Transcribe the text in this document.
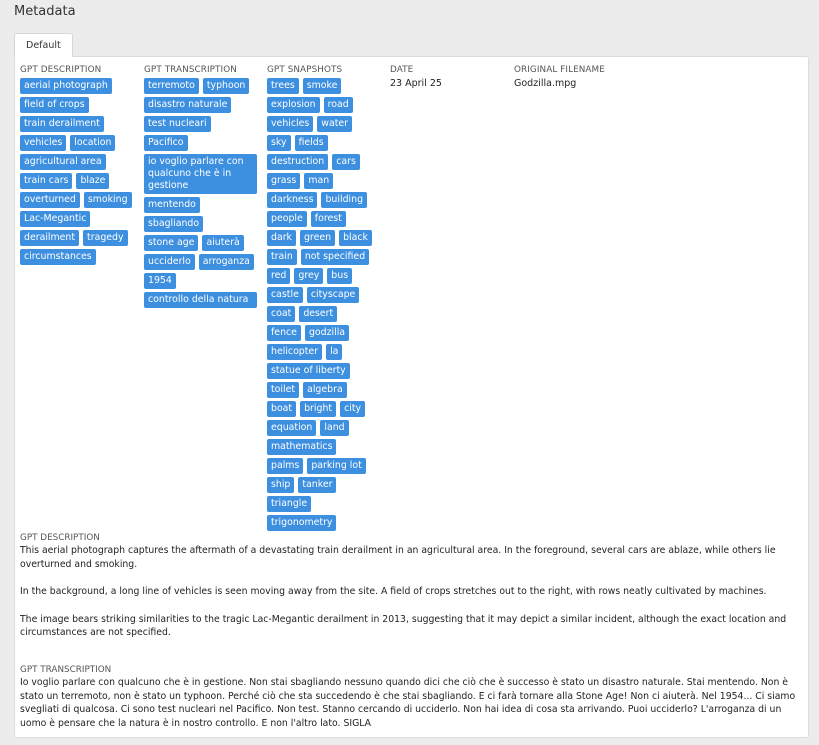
Metadata
Default
GPT DESCRIPTION
aerial photograph
field of crops
train derailment
vehicles	location
agricultural area
train cars	blaze
overturned	smoking
Lac-Megantic
derailment	tragedy
circumstances
GPT TRANSCRIPTION
terremoto	typhoon
disastro naturale
test nucleari
Pacifico
io voglio parlare con qualcuno che è in gestione
mentendo
sbagliando
stone age	aiuterà
ucciderlo	arroganza
1954
controllo della natura
GPT SNAPSHOTS
trees	smoke
explosion	road
vehicles	water
sky	fields
destruction	cars
grass	man
darkness	building
people	forest
dark	green	black
train	not specified
red	grey	bus
castle	cityscape
coat	desert
fence	godzilla
helicopter	la
statue of liberty
toilet	algebra
boat	bright	city
equation	land
mathematics
palms	parking lot
ship	tanker
triangle
trigonometry
DATE
23 April 25
ORIGINAL FILENAME
Godzilla.mpg
GPT DESCRIPTION
This aerial photograph captures the aftermath of a devastating train derailment in an agricultural area. In the foreground, several cars are ablaze, while others lie overturned and smoking.
In the background, a long line of vehicles is seen moving away from the site. A field of crops stretches out to the right, with rows neatly cultivated by machines.
The image bears striking similarities to the tragic Lac-Megantic derailment in 2013, suggesting that it may depict a similar incident, although the exact location and circumstances are not specified.
GPT TRANSCRIPTION
Io voglio parlare con qualcuno che è in gestione. Non stai sbagliando nessuno quando dici che ciò che è successo è stato un disastro naturale. Stai mentendo. Non è stato un terremoto, non è stato un typhoon. Perché ciò che sta succedendo è che stai sbagliando. E ci farà tornare alla Stone Age! Non ci aiuterà. Nel 1954... Ci siamo svegliati di qualcosa. Ci sono test nucleari nel Pacifico. Non test. Stanno cercando di ucciderlo. Non hai idea di cosa sta arrivando. Puoi ucciderlo? L'arroganza di un uomo è pensare che la natura è in nostro controllo. E non l'altro lato. SIGLA
